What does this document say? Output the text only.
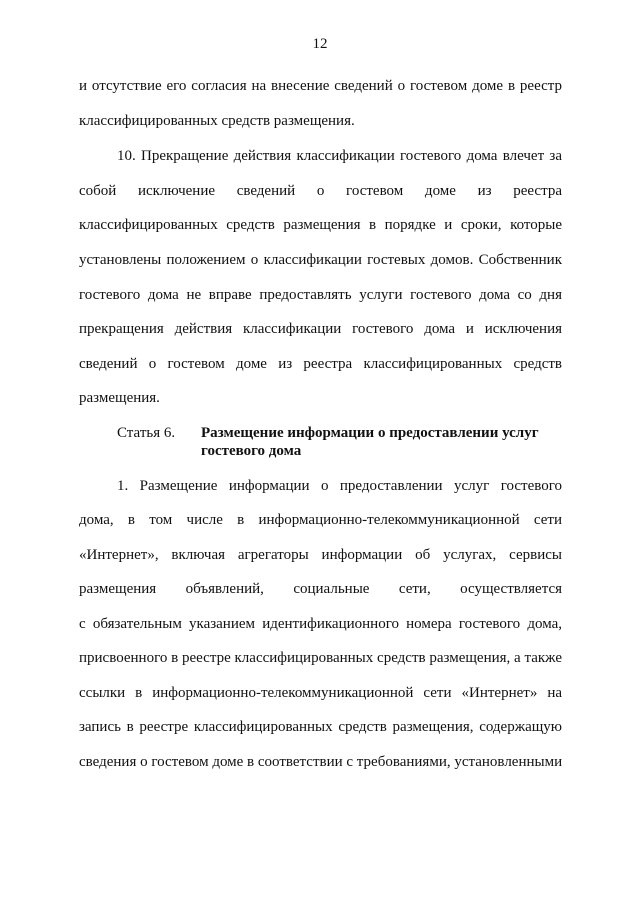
12
и отсутствие его согласия на внесение сведений о гостевом доме в реестр
классифицированных средств размещения.
10. Прекращение действия классификации гостевого дома влечет за
собой исключение сведений о гостевом доме из реестра
классифицированных средств размещения в порядке и сроки, которые
установлены положением о классификации гостевых домов. Собственник
гостевого дома не вправе предоставлять услуги гостевого дома со дня
прекращения действия классификации гостевого дома и исключения
сведений о гостевом доме из реестра классифицированных средств
размещения.
Статья 6. Размещение информации о предоставлении услуг
гостевого дома
1. Размещение информации о предоставлении услуг гостевого
дома, в том числе в информационно-телекоммуникационной сети
«Интернет», включая агрегаторы информации об услугах, сервисы
размещения объявлений, социальные сети, осуществляется
с обязательным указанием идентификационного номера гостевого дома,
присвоенного в реестре классифицированных средств размещения, а также
ссылки в информационно-телекоммуникационной сети «Интернет» на
запись в реестре классифицированных средств размещения, содержащую
сведения о гостевом доме в соответствии с требованиями, установленными
